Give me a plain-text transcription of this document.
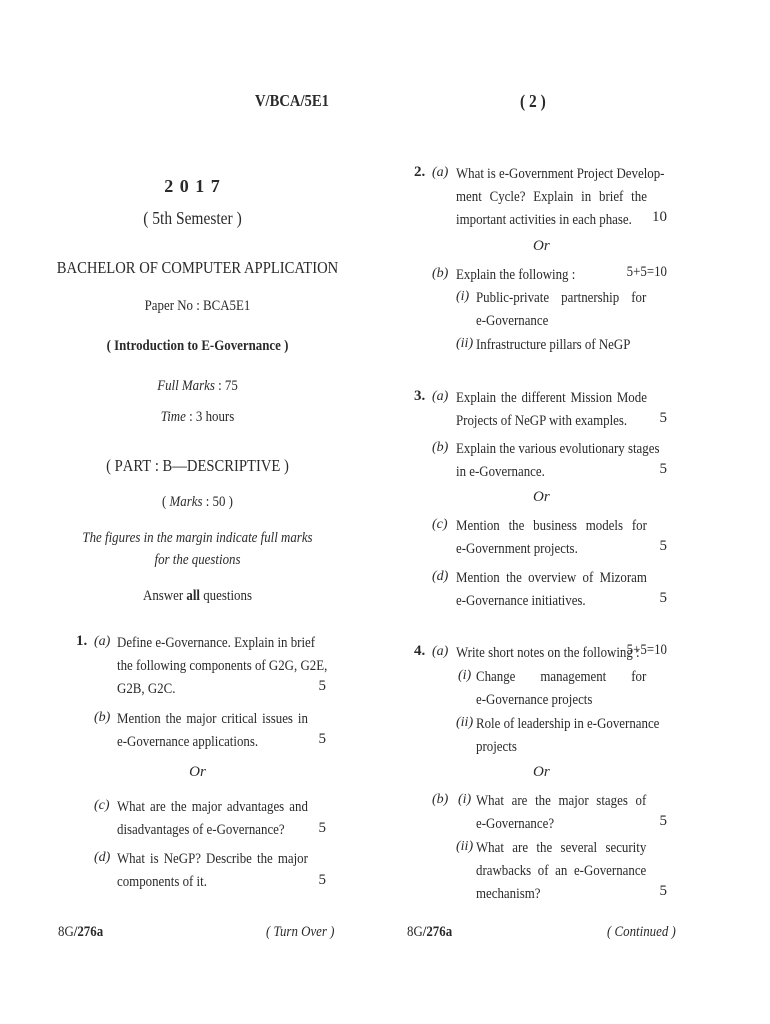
V/BCA/5E1
2 0 1 7
( 5th Semester )
BACHELOR OF COMPUTER APPLICATION
Paper No : BCA5E1
( Introduction to E-Governance )
Full Marks : 75
Time : 3 hours
( PART : B—DESCRIPTIVE )
( Marks : 50 )
The figures in the margin indicate full marks
for the questions
Answer all questions
1. (a) Define e-Governance. Explain in brief
the following components of G2G, G2E,
G2B, G2C.	5
(b) Mention the major critical issues in
e-Governance applications.	5
Or
(c) What are the major advantages and
disadvantages of e-Governance?	5
(d) What is NeGP? Describe the major
components of it.	5
8G/276a	( Turn Over )
( 2 )
2. (a) What is e-Government Project Develop-
ment Cycle? Explain in brief the
important activities in each phase.	10
Or
(b) Explain the following :	5+5=10
(i) Public-private partnership for
e-Governance
(ii) Infrastructure pillars of NeGP
3. (a) Explain the different Mission Mode
Projects of NeGP with examples.	5
(b) Explain the various evolutionary stages
in e-Governance.	5
Or
(c) Mention the business models for
e-Government projects.	5
(d) Mention the overview of Mizoram
e-Governance initiatives.	5
4. (a) Write short notes on the following :
5+5=10
(i) Change management for
e-Governance projects
(ii) Role of leadership in e-Governance
projects
Or
(b) (i) What are the major stages of
e-Governance?	5
(ii) What are the several security
drawbacks of an e-Governance
mechanism?	5
8G/276a	( Continued )
